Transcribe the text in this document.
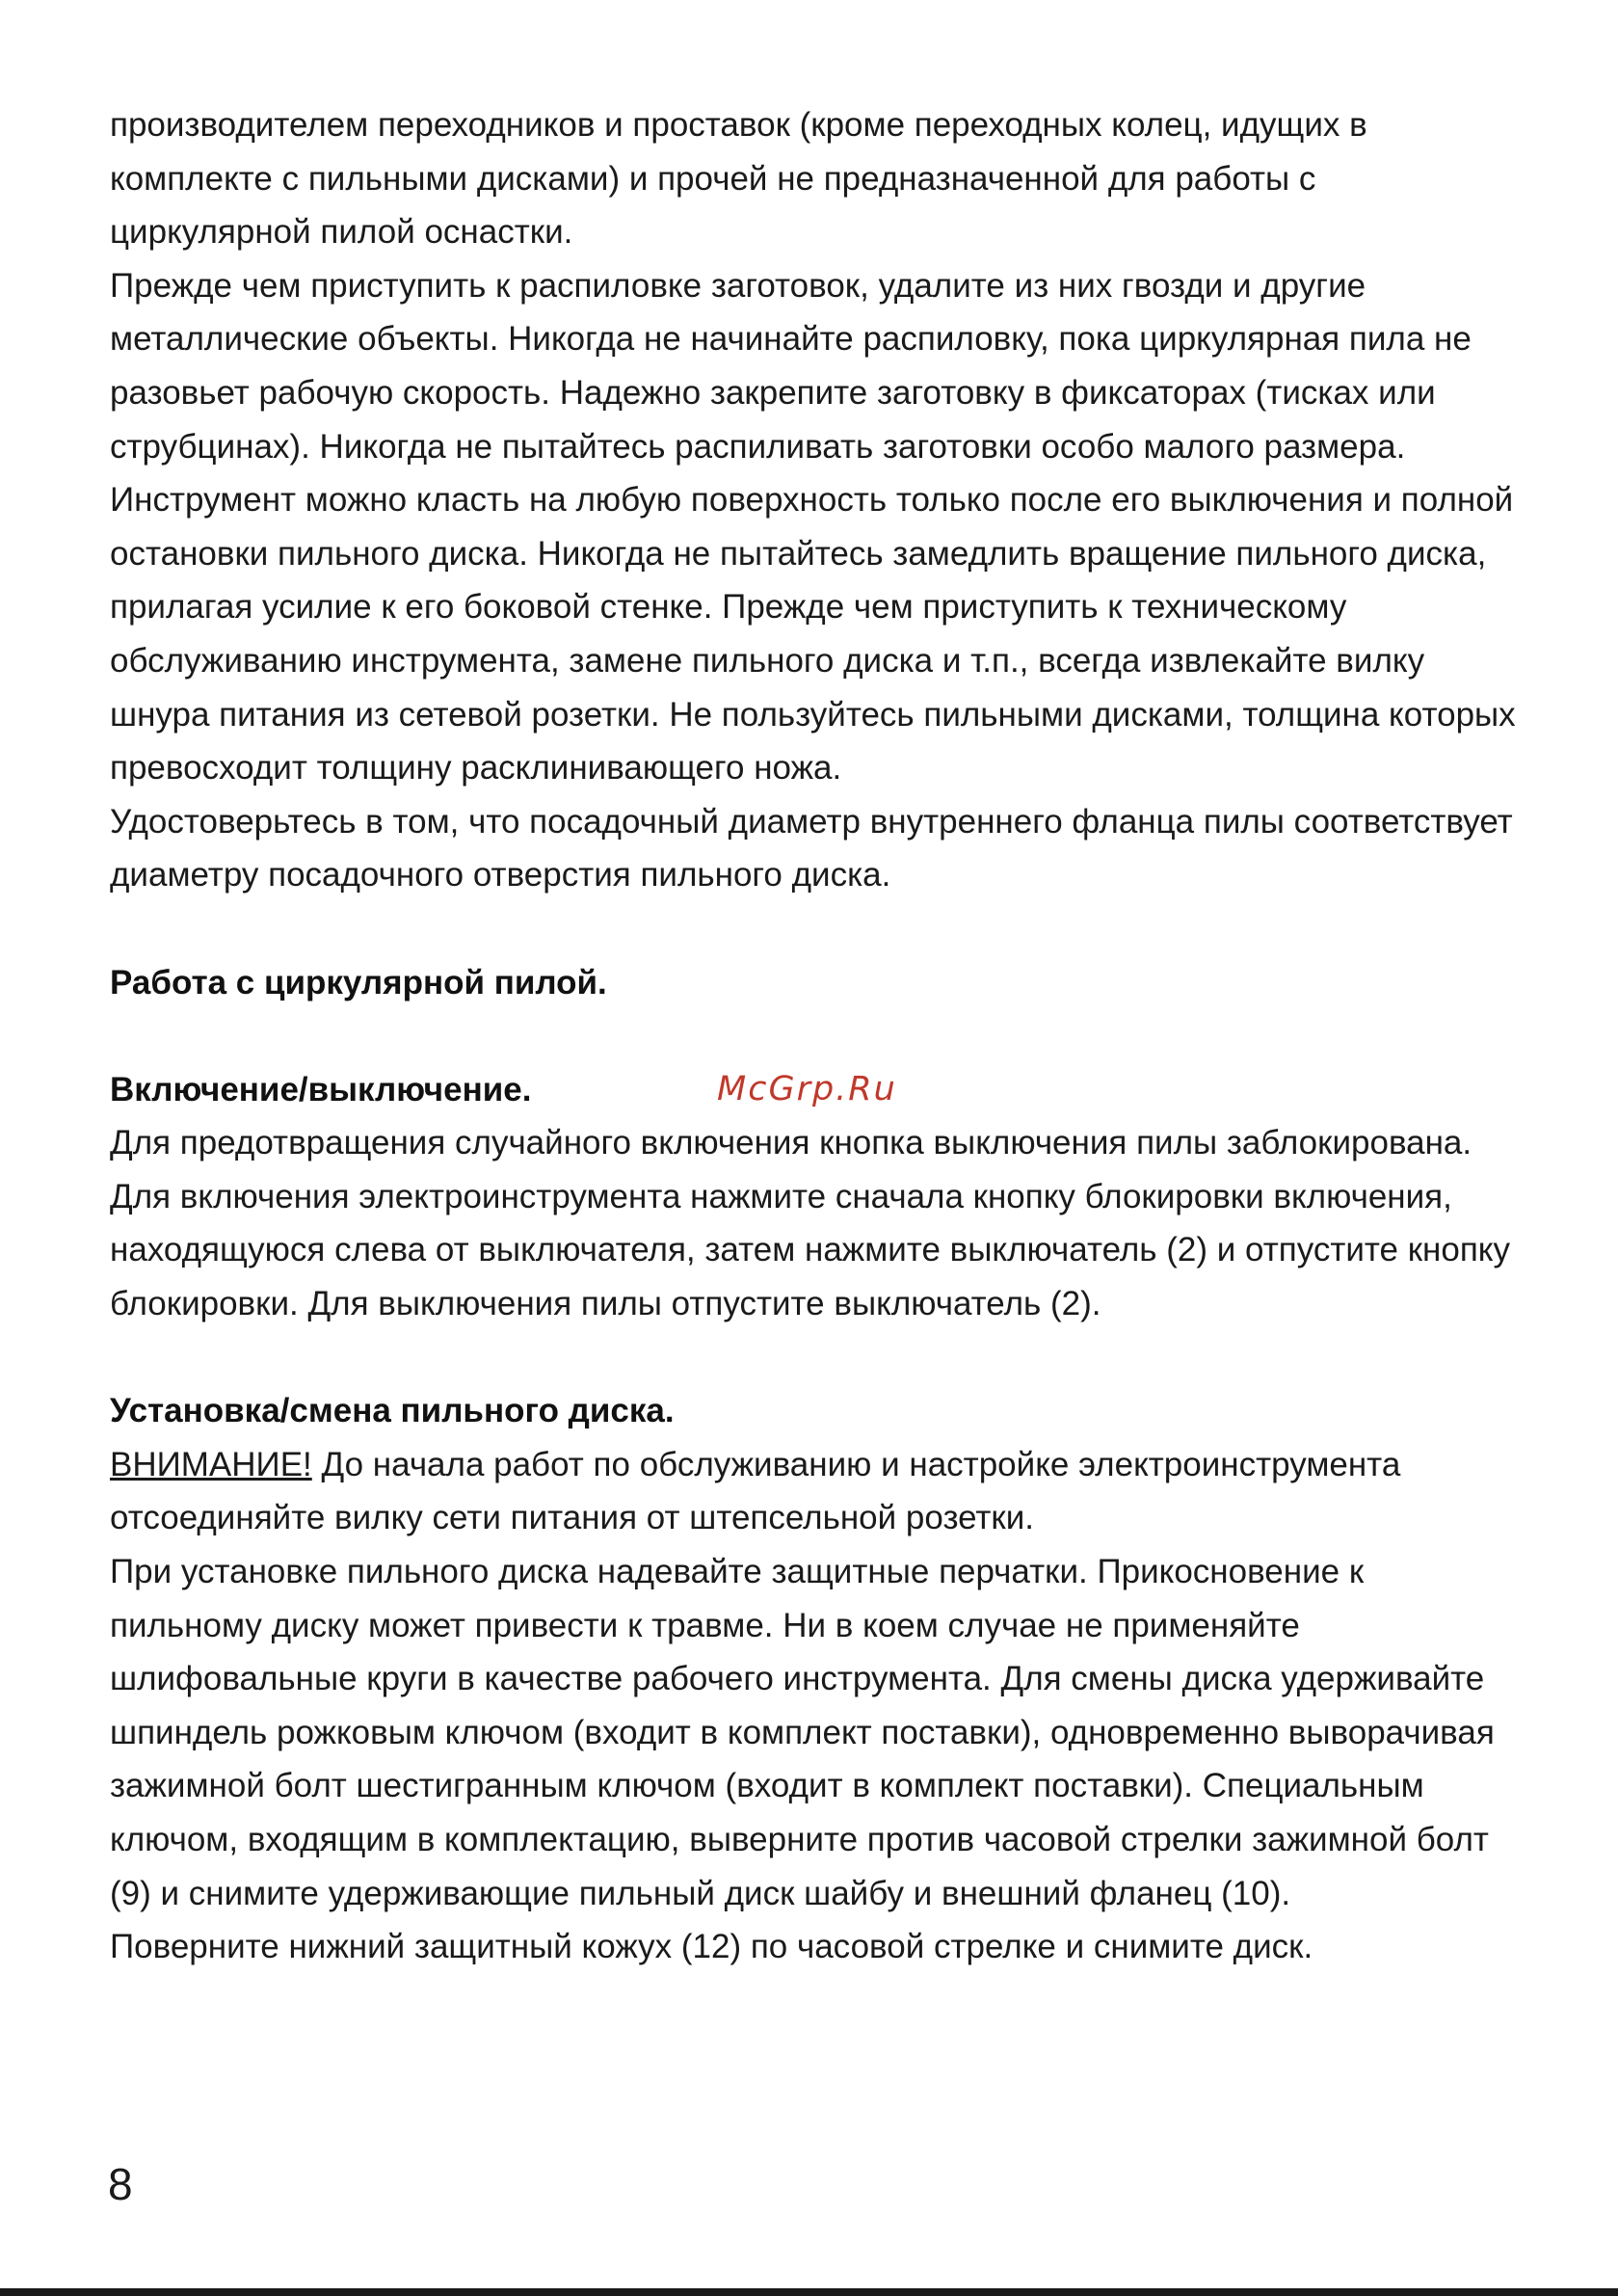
производителем переходников и проставок (кроме переходных колец, идущих в комплекте с пильными дисками) и прочей не предназначенной для работы с циркулярной пилой оснастки.

Прежде чем приступить к распиловке заготовок, удалите из них гвозди и другие металлические объекты. Никогда не начинайте распиловку, пока циркулярная пила не разовьет рабочую скорость. Надежно закрепите заготовку в фиксаторах (тисках или струбцинах). Никогда не пытайтесь распиливать заготовки особо малого размера.

Инструмент можно класть на любую поверхность только после его выключения и полной остановки пильного диска. Никогда не пытайтесь замедлить вращение пильного диска, прилагая усилие к его боковой стенке. Прежде чем приступить к техническому обслуживанию инструмента, замене пильного диска и т.п., всегда извлекайте вилку шнура питания из сетевой розетки. Не пользуйтесь пильными дисками, толщина которых превосходит толщину расклинивающего ножа.

Удостоверьтесь в том, что посадочный диаметр внутреннего фланца пилы соответствует диаметру посадочного отверстия пильного диска.

Работа с циркулярной пилой.

Включение/выключение.	McGrp.Ru

Для предотвращения случайного включения кнопка выключения пилы заблокирована. Для включения электроинструмента нажмите сначала кнопку блокировки включения, находящуюся слева от выключателя, затем нажмите выключатель (2) и отпустите кнопку блокировки. Для выключения пилы отпустите выключатель (2).

Установка/смена пильного диска.

ВНИМАНИЕ! До начала работ по обслуживанию и настройке электроинструмента отсоединяйте вилку сети питания от штепсельной розетки.

При установке пильного диска надевайте защитные перчатки. Прикосновение к пильному диску может привести к травме. Ни в коем случае не применяйте шлифовальные круги в качестве рабочего инструмента. Для смены диска удерживайте шпиндель рожковым ключом (входит в комплект поставки), одновременно выворачивая зажимной болт шестигранным ключом (входит в комплект поставки). Специальным ключом, входящим в комплектацию, выверните против часовой стрелки зажимной болт (9) и снимите удерживающие пильный диск шайбу и внешний фланец (10).

Поверните нижний защитный кожух (12) по часовой стрелке и снимите диск.

8
